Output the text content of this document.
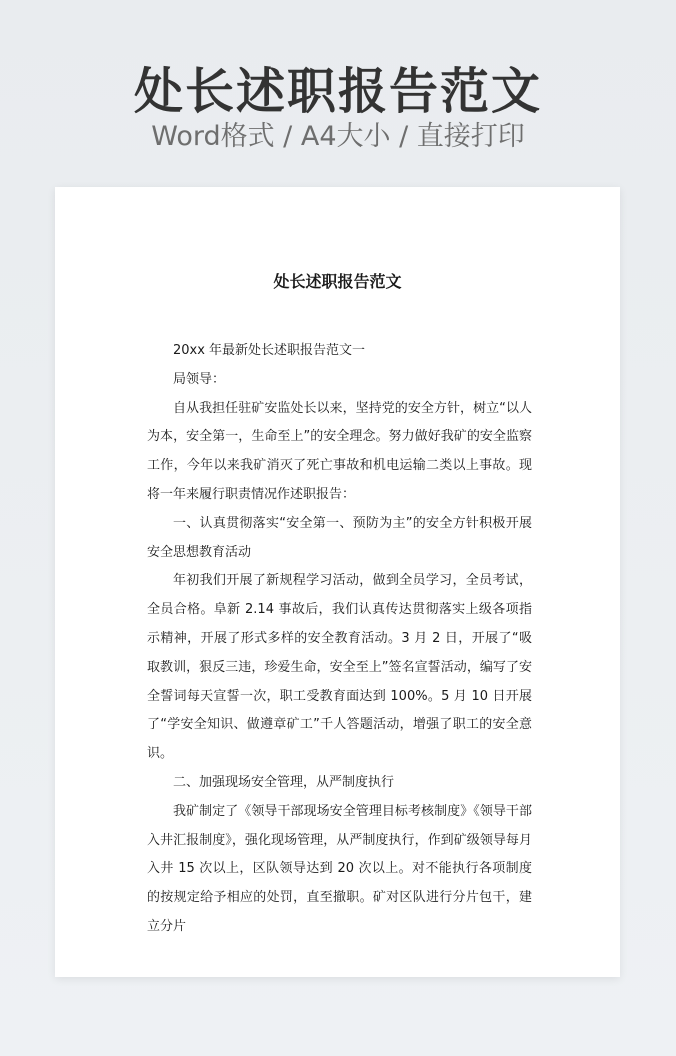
处长述职报告范文
Word格式 / A4大小 / 直接打印
处长述职报告范文

20xx 年最新处长述职报告范文一

局领导：

自从我担任驻矿安监处长以来，坚持党的安全方针，树立“以人为本，安全第一，生命至上”的安全理念。努力做好我矿的安全监察工作，今年以来我矿消灭了死亡事故和机电运输二类以上事故。现将一年来履行职责情况作述职报告：

一、认真贯彻落实“安全第一、预防为主”的安全方针积极开展安全思想教育活动

年初我们开展了新规程学习活动，做到全员学习，全员考试，全员合格。阜新 2.14 事故后，我们认真传达贯彻落实上级各项指示精神，开展了形式多样的安全教育活动。3 月 2 日，开展了“吸取教训，狠反三违，珍爱生命，安全至上”签名宣誓活动，编写了安全誓词每天宣誓一次，职工受教育面达到 100%。5 月 10 日开展了“学安全知识、做遵章矿工”千人答题活动，增强了职工的安全意识。

二、加强现场安全管理，从严制度执行

我矿制定了《领导干部现场安全管理目标考核制度》《领导干部入井汇报制度》，强化现场管理，从严制度执行，作到矿级领导每月入井 15 次以上，区队领导达到 20 次以上。对不能执行各项制度的按规定给予相应的处罚，直至撤职。矿对区队进行分片包干，建立分片
